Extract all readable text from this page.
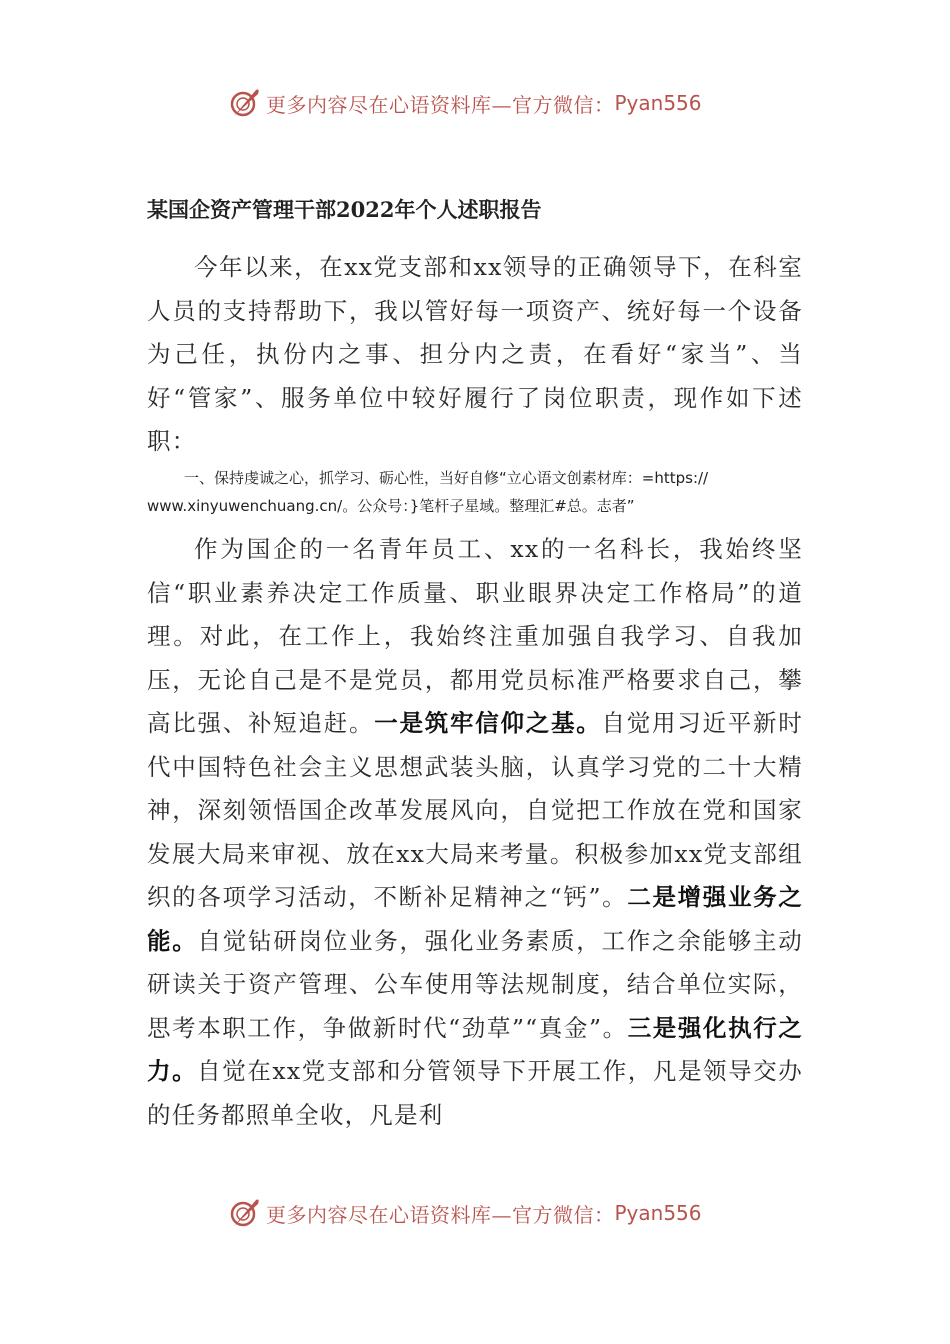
更多内容尽在心语资料库—官方微信： Pyan556
某国企资产管理干部2022年个人述职报告

今年以来，在xx党支部和xx领导的正确领导下，在科室人员的支持帮助下，我以管好每一项资产、统好每一个设备为己任，执份内之事、担分内之责，在看好“家当”、当好“管家”、服务单位中较好履行了岗位职责，现作如下述职：

一、保持虔诚之心，抓学习、砺心性，当好自修“立心语文创素材库：=https://
www.xinyuwenchuang.cn/。公众号：}笔杆子星域。整理汇#总。志者”

作为国企的一名青年员工、xx的一名科长，我始终坚信“职业素养决定工作质量、职业眼界决定工作格局”的道理。对此，在工作上，我始终注重加强自我学习、自我加压，无论自己是不是党员，都用党员标准严格要求自己，攀高比强、补短追赶。一是筑牢信仰之基。自觉用习近平新时代中国特色社会主义思想武装头脑，认真学习党的二十大精神，深刻领悟国企改革发展风向，自觉把工作放在党和国家发展大局来审视、放在xx大局来考量。积极参加xx党支部组织的各项学习活动，不断补足精神之“钙”。二是增强业务之能。自觉钻研岗位业务，强化业务素质，工作之余能够主动研读关于资产管理、公车使用等法规制度，结合单位实际，思考本职工作，争做新时代“劲草”“真金”。三是强化执行之力。自觉在xx党支部和分管领导下开展工作，凡是领导交办的任务都照单全收，凡是利

更多内容尽在心语资料库—官方微信： Pyan556
